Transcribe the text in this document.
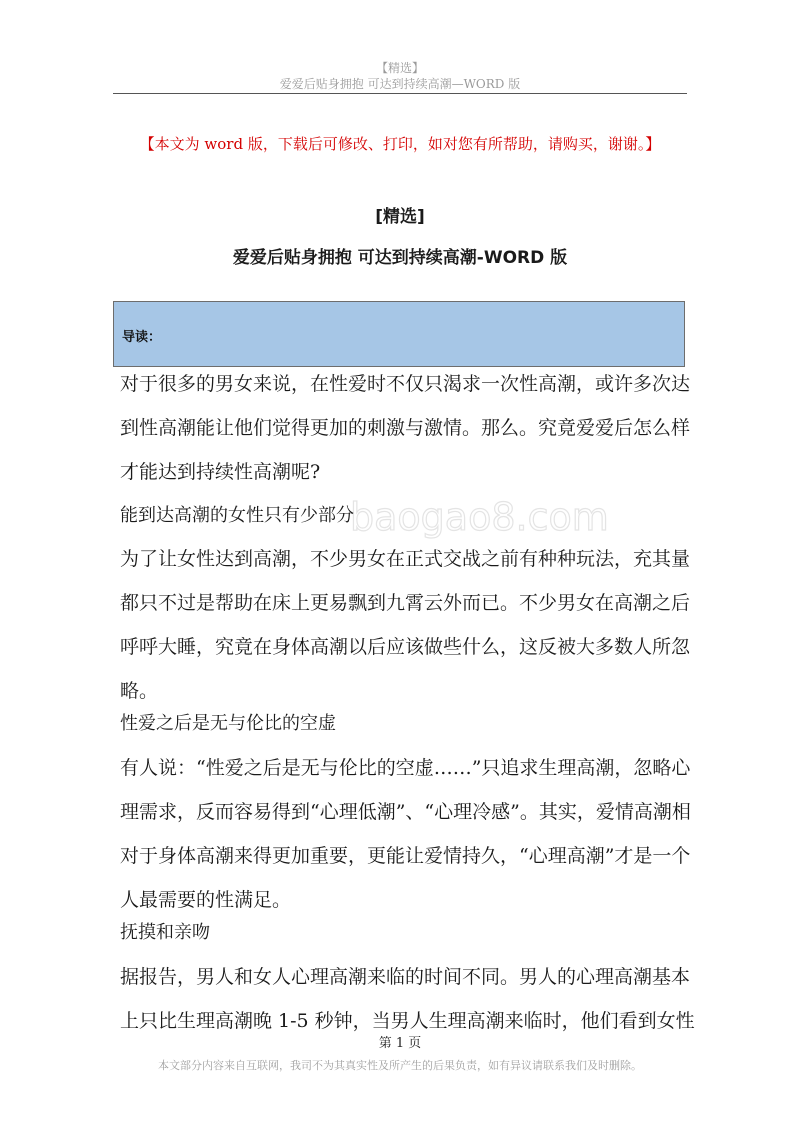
【精选】
爱爱后贴身拥抱 可达到持续高潮—WORD 版
【本文为 word 版，下载后可修改、打印，如对您有所帮助，请购买，谢谢。】
[精选]
爱爱后贴身拥抱 可达到持续高潮-WORD 版
导读：
baogao8.com
对于很多的男女来说，在性爱时不仅只渴求一次性高潮，或许多次达
到性高潮能让他们觉得更加的刺激与激情。那么。究竟爱爱后怎么样
才能达到持续性高潮呢?
能到达高潮的女性只有少部分
为了让女性达到高潮，不少男女在正式交战之前有种种玩法，充其量
都只不过是帮助在床上更易飘到九霄云外而已。不少男女在高潮之后
呼呼大睡，究竟在身体高潮以后应该做些什么，这反被大多数人所忽
略。
性爱之后是无与伦比的空虚
有人说：“性爱之后是无与伦比的空虚……”只追求生理高潮，忽略心
理需求，反而容易得到“心理低潮”、“心理冷感”。其实，爱情高潮相
对于身体高潮来得更加重要，更能让爱情持久，“心理高潮”才是一个
人最需要的性满足。
抚摸和亲吻
据报告，男人和女人心理高潮来临的时间不同。男人的心理高潮基本
上只比生理高潮晚 1-5 秒钟，当男人生理高潮来临时，他们看到女性
第 1 页
本文部分内容来自互联网，我司不为其真实性及所产生的后果负责，如有异议请联系我们及时删除。
